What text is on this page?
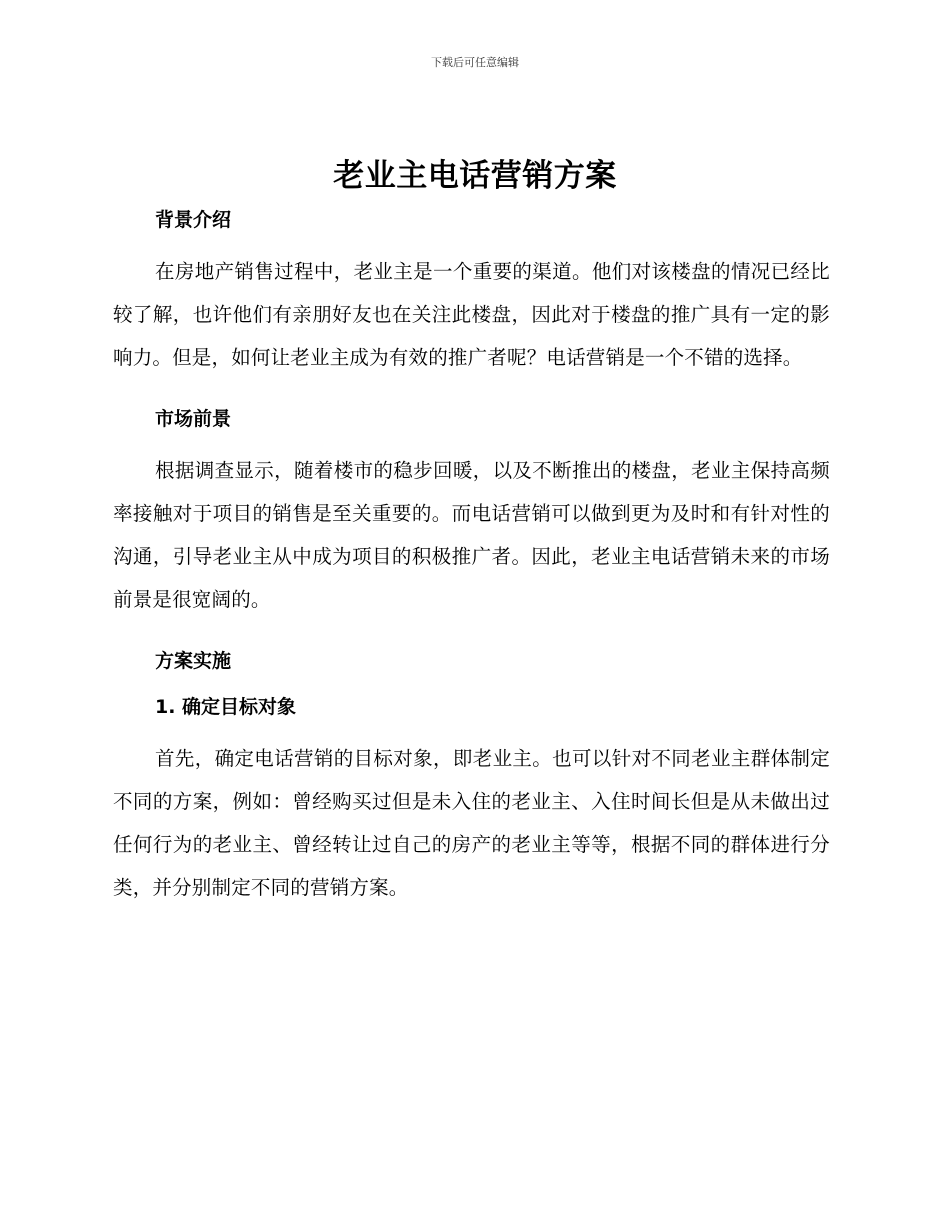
下载后可任意编辑
老业主电话营销方案
背景介绍

在房地产销售过程中，老业主是一个重要的渠道。他们对该楼盘的情况已经比较了解，也许他们有亲朋好友也在关注此楼盘，因此对于楼盘的推广具有一定的影响力。但是，如何让老业主成为有效的推广者呢？电话营销是一个不错的选择。

市场前景

根据调查显示，随着楼市的稳步回暖，以及不断推出的楼盘，老业主保持高频率接触对于项目的销售是至关重要的。而电话营销可以做到更为及时和有针对性的沟通，引导老业主从中成为项目的积极推广者。因此，老业主电话营销未来的市场前景是很宽阔的。

方案实施
1. 确定目标对象

首先，确定电话营销的目标对象，即老业主。也可以针对不同老业主群体制定不同的方案，例如：曾经购买过但是未入住的老业主、入住时间长但是从未做出过任何行为的老业主、曾经转让过自己的房产的老业主等等，根据不同的群体进行分类，并分别制定不同的营销方案。
